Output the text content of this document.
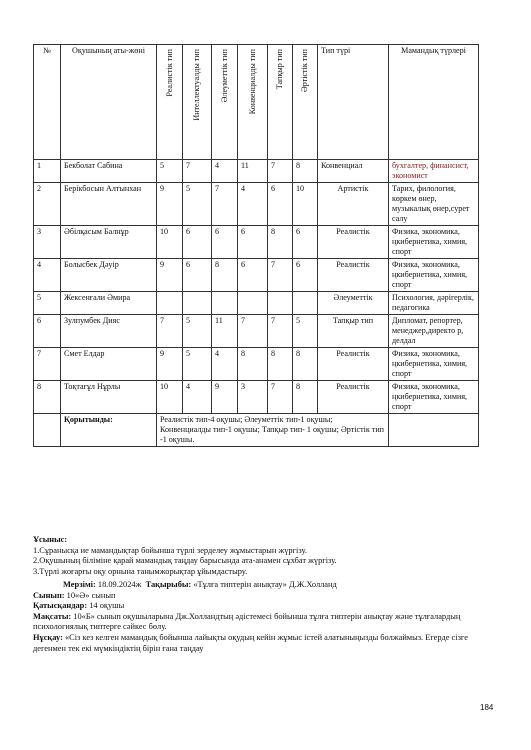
№	Оқушының аты-жөні	Реалистік тип	Интеллектуалды тип	Әлеуметтік тип	Конвенциалды тип	Тапқыр тип	Әртістік тип	Тип түрі	Мамандық түрлері
1	Бекболат Сабина	5	7	4	11	7	8	Конвенциал	бухгалтер, финансист, экономист
2	Берікбосын Алтынхан	9	5	7	4	6	10	Артистік	Тарих, филология, көркем өнер, музыкалық өнер,сурет салу
3	Әбілқасым Балнұр	10	6	6	6	8	6	Реалистік	Физика, экономика, ңкибернетика, химия, спорт
4	Болысбек Дәуір	9	6	8	6	7	6	Реалистік	Физика, экономика, ңкибернетика, химия, спорт
5	Жексенғали Әмира							Әлеуметтік	Психология, дәрігерлік, педагогика
6	Зулпумбек Дияс	7	5	11	7	7	5	Тапқыр тип	Дипломат, репортер, менеджер,директо р, делдал
7	Смет Елдар	9	5	4	8	8	8	Реалистік	Физика, экономика, ңкибернетика, химия, спорт
8	Тоқтағұл Нұрлы	10	4	9	3	7	8	Реалистік	Физика, экономика, ңкибернетика, химия, спорт
	Қорытынды:	Реалистік тип-4 оқушы; Әлеуметтік тип-1 оқушы; Конвенциалды тип-1 оқушы; Тапқыр тип- 1 оқушы; Әртістік тип -1 оқушы.							
Ұсыныс:
1.Сұранысқа ие мамандықтар бойынша түрлі зерделеу жұмыстарын жүргізу.
2.Оқушының біліміне қарай мамандық таңдау барысында ата-анамен сұхбат жүргізу.
3.Түрлі жоғарғы оқу орнына танымжорықтар ұйымдастыру.
Мерзімі: 18.09.2024ж Тақырыбы: «Тұлға типтерін анықтау» Д.Ж.Холланд
Сынып: 10«Ә» сынып
Қатысқандар: 14 оқушы
Мақсаты: 10«Б» сынып оқушыларына Дж.Холландтың әдістемесі бойынша тұлға типтерін анықтау және тұлғалардың психологиялық типтерге сәйкес бөлу.
Нұсқау: «Сіз кез келген мамандық бойынша лайықты оқудың кейін жұмыс істей алатыныңызды болжаймыз. Егерде сізге дегенмен тек екі мүмкіндіктің бірін ғана таңдау
184
